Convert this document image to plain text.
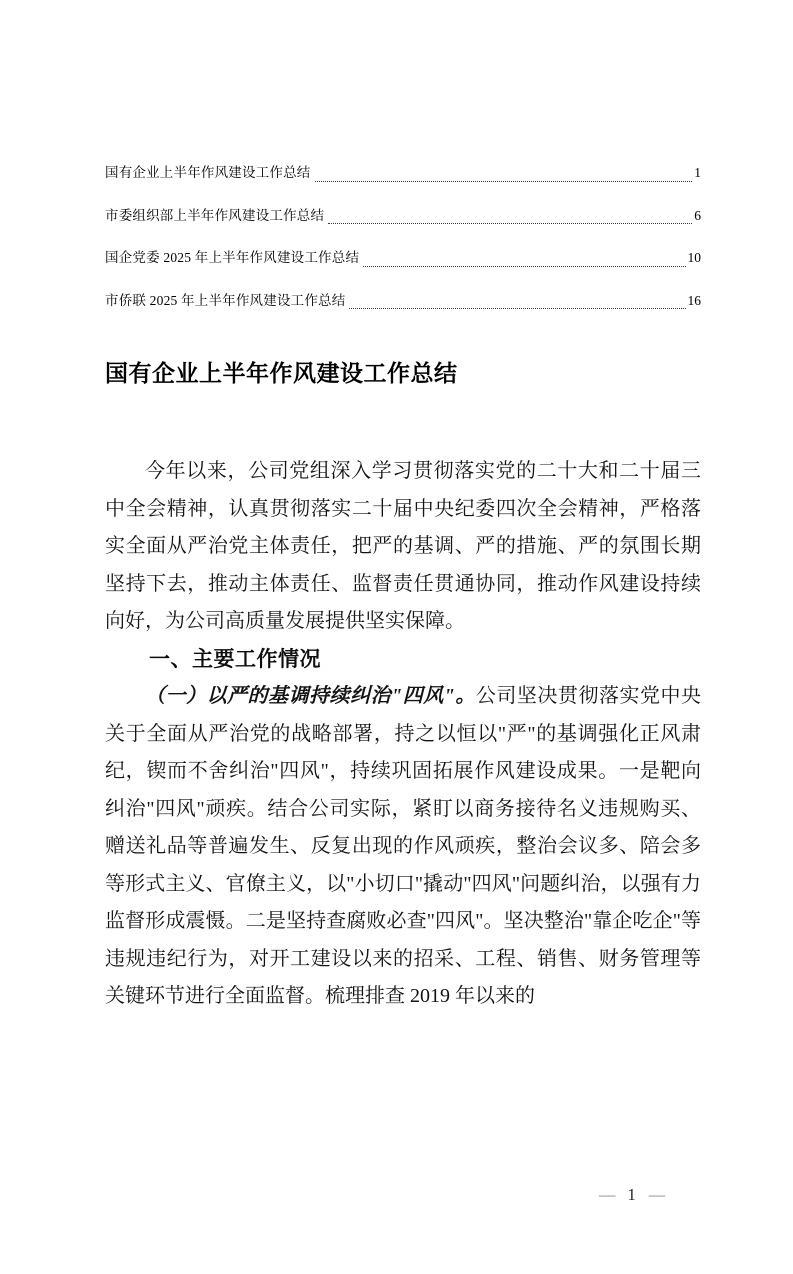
国有企业上半年作风建设工作总结	1
市委组织部上半年作风建设工作总结	6
国企党委 2025 年上半年作风建设工作总结	10
市侨联 2025 年上半年作风建设工作总结	16
国有企业上半年作风建设工作总结

今年以来，公司党组深入学习贯彻落实党的二十大和二十届三中全会精神，认真贯彻落实二十届中央纪委四次全会精神，严格落实全面从严治党主体责任，把严的基调、严的措施、严的氛围长期坚持下去，推动主体责任、监督责任贯通协同，推动作风建设持续向好，为公司高质量发展提供坚实保障。

一、主要工作情况

（一）以严的基调持续纠治"四风"。公司坚决贯彻落实党中央关于全面从严治党的战略部署，持之以恒以"严"的基调强化正风肃纪，锲而不舍纠治"四风"，持续巩固拓展作风建设成果。一是靶向纠治"四风"顽疾。结合公司实际，紧盯以商务接待名义违规购买、赠送礼品等普遍发生、反复出现的作风顽疾，整治会议多、陪会多等形式主义、官僚主义，以"小切口"撬动"四风"问题纠治，以强有力监督形成震慑。二是坚持查腐败必查"四风"。坚决整治"靠企吃企"等违规违纪行为，对开工建设以来的招采、工程、销售、财务管理等关键环节进行全面监督。梳理排查 2019 年以来的

— 1 —
